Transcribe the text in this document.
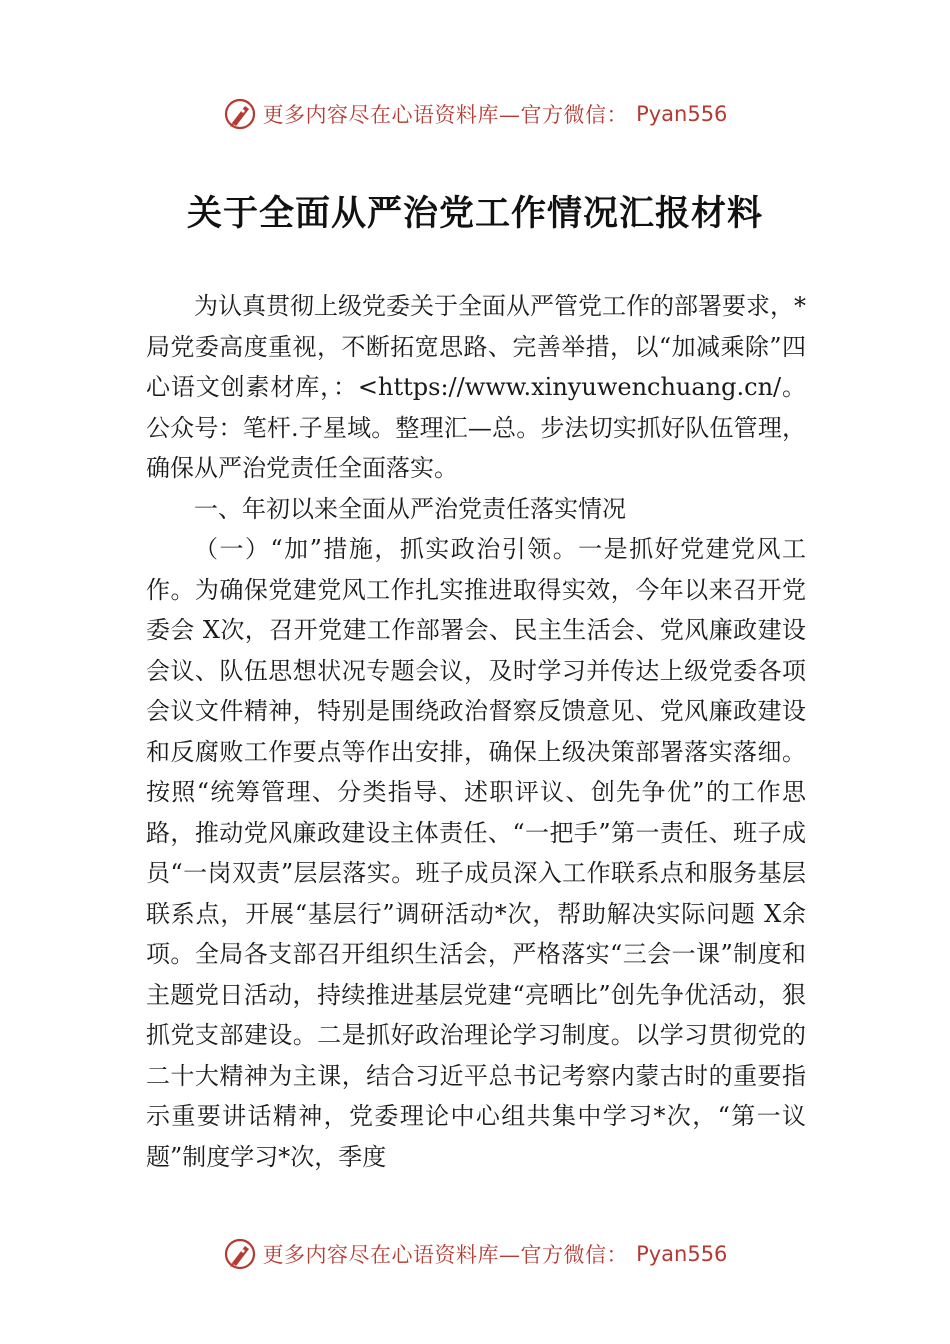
更多内容尽在心语资料库—官方微信： Pyan556
关于全面从严治党工作情况汇报材料

为认真贯彻上级党委关于全面从严管党工作的部署要求，*局党委高度重视，不断拓宽思路、完善举措，以“加减乘除”四心语文创素材库，：<https://www.xinyuwenchuang.cn/。公众号：笔杆.子星域。整理汇—总。步法切实抓好队伍管理，确保从严治党责任全面落实。

一、年初以来全面从严治党责任落实情况

（一）“加”措施，抓实政治引领。一是抓好党建党风工作。为确保党建党风工作扎实推进取得实效，今年以来召开党委会 X次，召开党建工作部署会、民主生活会、党风廉政建设会议、队伍思想状况专题会议，及时学习并传达上级党委各项会议文件精神，特别是围绕政治督察反馈意见、党风廉政建设和反腐败工作要点等作出安排，确保上级决策部署落实落细。按照“统筹管理、分类指导、述职评议、创先争优”的工作思路，推动党风廉政建设主体责任、“一把手”第一责任、班子成员“一岗双责”层层落实。班子成员深入工作联系点和服务基层联系点，开展“基层行”调研活动*次，帮助解决实际问题 X余项。全局各支部召开组织生活会，严格落实“三会一课”制度和主题党日活动，持续推进基层党建“亮晒比”创先争优活动，狠抓党支部建设。二是抓好政治理论学习制度。以学习贯彻党的二十大精神为主课，结合习近平总书记考察内蒙古时的重要指示重要讲话精神，党委理论中心组共集中学习*次，“第一议题”制度学习*次，季度

更多内容尽在心语资料库—官方微信： Pyan556
